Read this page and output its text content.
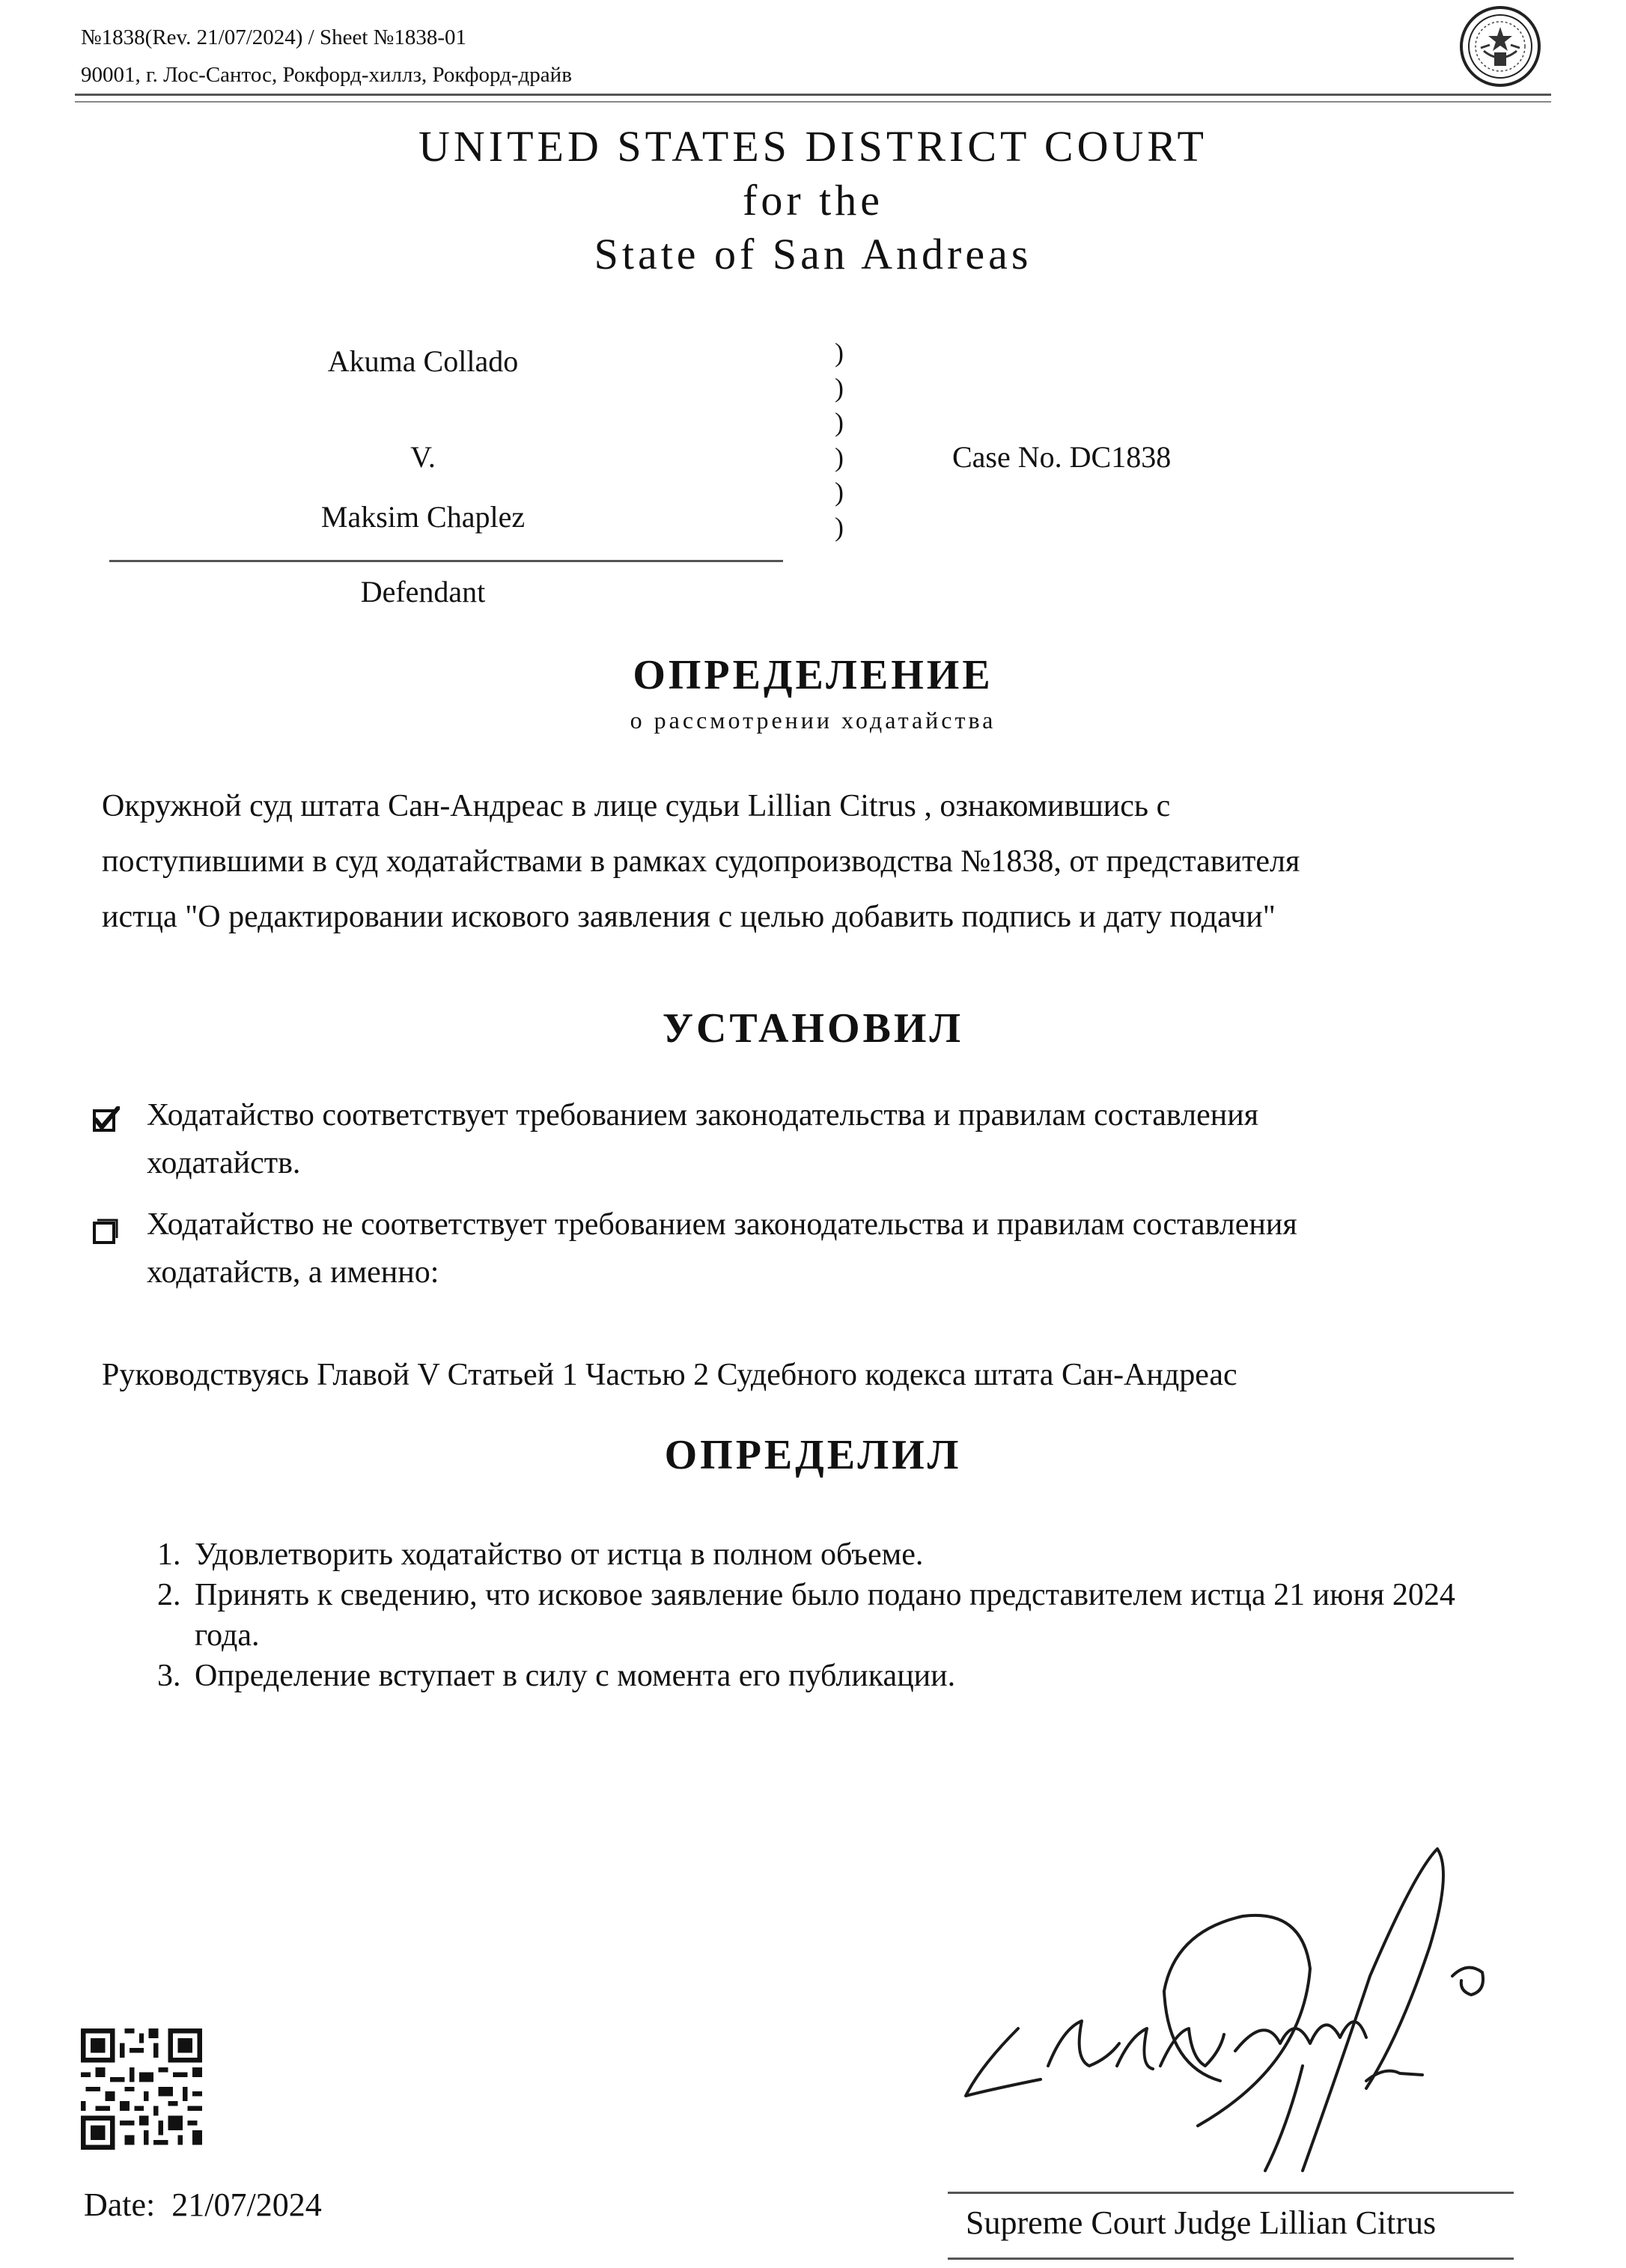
№1838(Rev. 21/07/2024) / Sheet №1838-01
90001, г. Лос-Сантос, Рокфорд-хиллз, Рокфорд-драйв
UNITED STATES DISTRICT COURT
for the
State of San Andreas
Akuma Collado
V.
Maksim Chaplez
Defendant
)
)
)
)
)
)
Case No. DC1838
ОПРЕДЕЛЕНИЕ
о рассмотрении ходатайства
Окружной суд штата Сан-Андреас в лице судьи Lillian Citrus , ознакомившись с
поступившими в суд ходатайствами в рамках судопроизводства №1838, от представителя
истца "О редактировании искового заявления с целью добавить подпись и дату подачи"
УСТАНОВИЛ
Ходатайство соответствует требованием законодательства и правилам составления
ходатайств.
Ходатайство не соответствует требованием законодательства и правилам составления
ходатайств, а именно:
Руководствуясь Главой V Статьей 1 Частью 2 Судебного кодекса штата Сан-Андреас
ОПРЕДЕЛИЛ
1. Удовлетворить ходатайство от истца в полном объеме.
2. Принять к сведению, что исковое заявление было подано представителем истца 21 июня 2024 года.
3. Определение вступает в силу с момента его публикации.
Date: 21/07/2024	Supreme Court Judge Lillian Citrus
